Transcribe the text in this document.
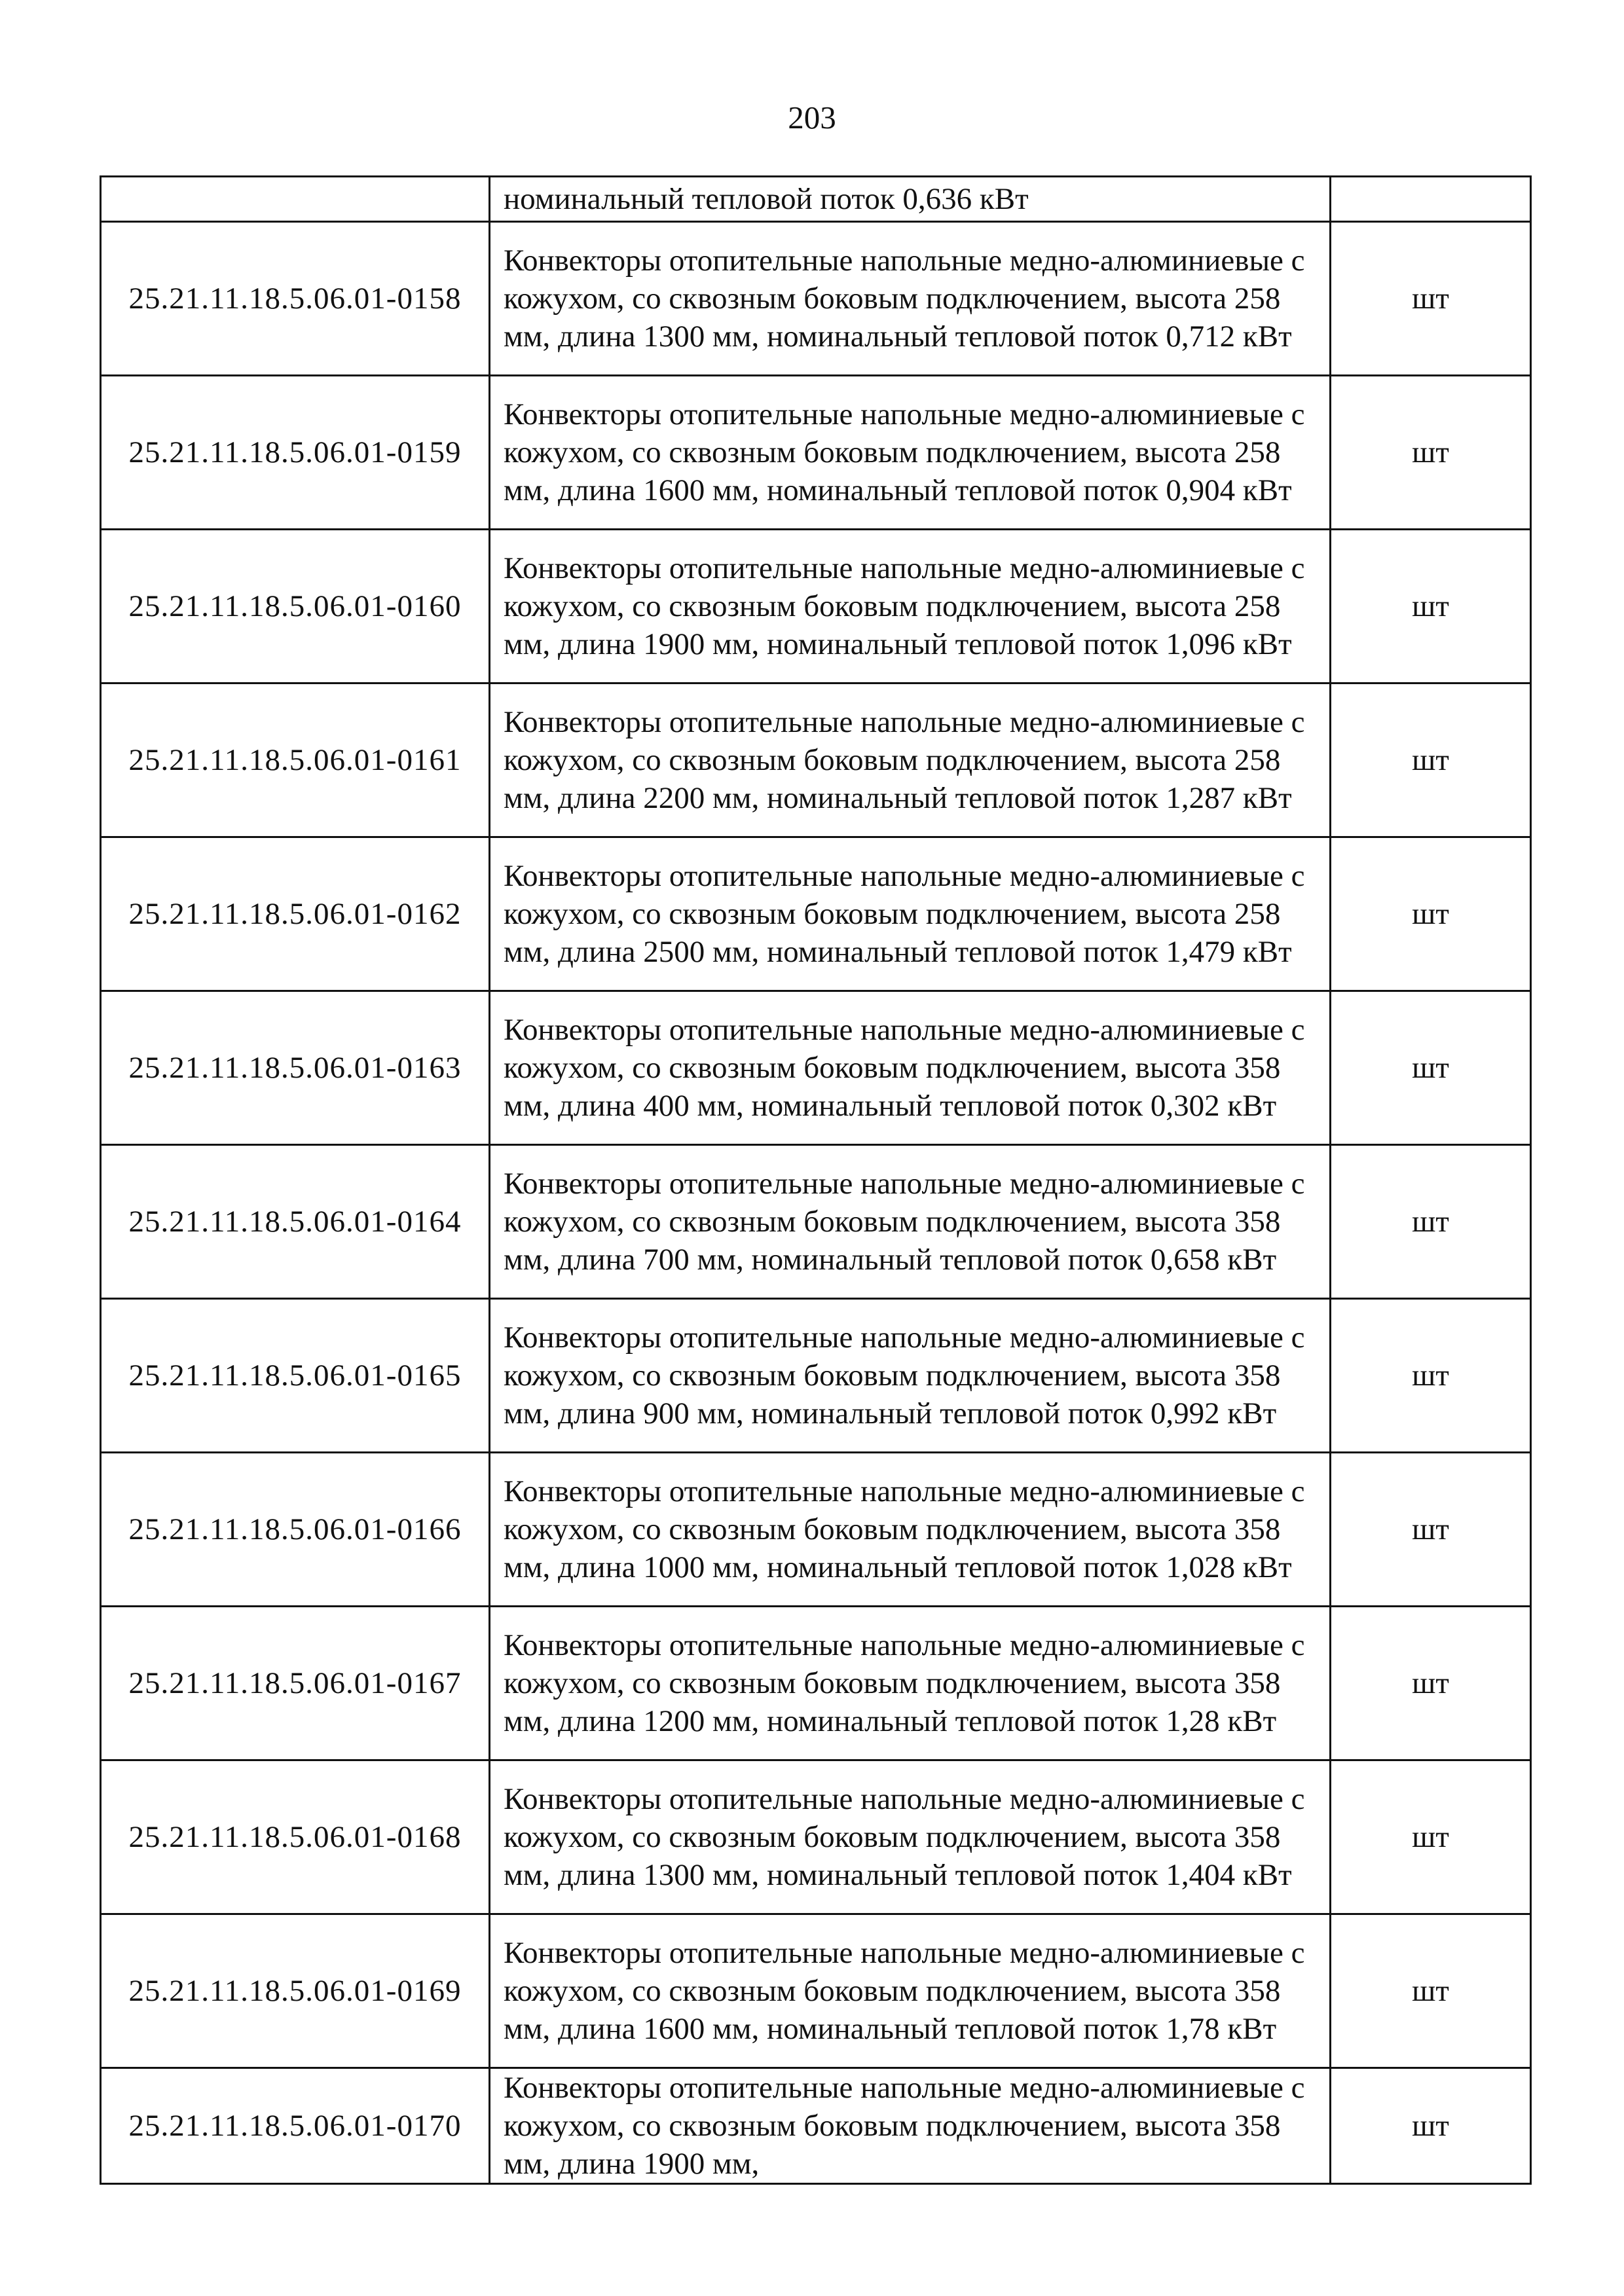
203
	номинальный тепловой поток 0,636 кВт	
25.21.11.18.5.06.01-0158	Конвекторы отопительные напольные медно-алюминиевые с кожухом, со сквозным боковым подключением, высота 258 мм, длина 1300 мм, номинальный тепловой поток 0,712 кВт	шт
25.21.11.18.5.06.01-0159	Конвекторы отопительные напольные медно-алюминиевые с кожухом, со сквозным боковым подключением, высота 258 мм, длина 1600 мм, номинальный тепловой поток 0,904 кВт	шт
25.21.11.18.5.06.01-0160	Конвекторы отопительные напольные медно-алюминиевые с кожухом, со сквозным боковым подключением, высота 258 мм, длина 1900 мм, номинальный тепловой поток 1,096 кВт	шт
25.21.11.18.5.06.01-0161	Конвекторы отопительные напольные медно-алюминиевые с кожухом, со сквозным боковым подключением, высота 258 мм, длина 2200 мм, номинальный тепловой поток 1,287 кВт	шт
25.21.11.18.5.06.01-0162	Конвекторы отопительные напольные медно-алюминиевые с кожухом, со сквозным боковым подключением, высота 258 мм, длина 2500 мм, номинальный тепловой поток 1,479 кВт	шт
25.21.11.18.5.06.01-0163	Конвекторы отопительные напольные медно-алюминиевые с кожухом, со сквозным боковым подключением, высота 358 мм, длина 400 мм, номинальный тепловой поток 0,302 кВт	шт
25.21.11.18.5.06.01-0164	Конвекторы отопительные напольные медно-алюминиевые с кожухом, со сквозным боковым подключением, высота 358 мм, длина 700 мм, номинальный тепловой поток 0,658 кВт	шт
25.21.11.18.5.06.01-0165	Конвекторы отопительные напольные медно-алюминиевые с кожухом, со сквозным боковым подключением, высота 358 мм, длина 900 мм, номинальный тепловой поток 0,992 кВт	шт
25.21.11.18.5.06.01-0166	Конвекторы отопительные напольные медно-алюминиевые с кожухом, со сквозным боковым подключением, высота 358 мм, длина 1000 мм, номинальный тепловой поток 1,028 кВт	шт
25.21.11.18.5.06.01-0167	Конвекторы отопительные напольные медно-алюминиевые с кожухом, со сквозным боковым подключением, высота 358 мм, длина 1200 мм, номинальный тепловой поток 1,28 кВт	шт
25.21.11.18.5.06.01-0168	Конвекторы отопительные напольные медно-алюминиевые с кожухом, со сквозным боковым подключением, высота 358 мм, длина 1300 мм, номинальный тепловой поток 1,404 кВт	шт
25.21.11.18.5.06.01-0169	Конвекторы отопительные напольные медно-алюминиевые с кожухом, со сквозным боковым подключением, высота 358 мм, длина 1600 мм, номинальный тепловой поток 1,78 кВт	шт
25.21.11.18.5.06.01-0170	Конвекторы отопительные напольные медно-алюминиевые с кожухом, со сквозным боковым подключением, высота 358 мм, длина 1900 мм,	шт
